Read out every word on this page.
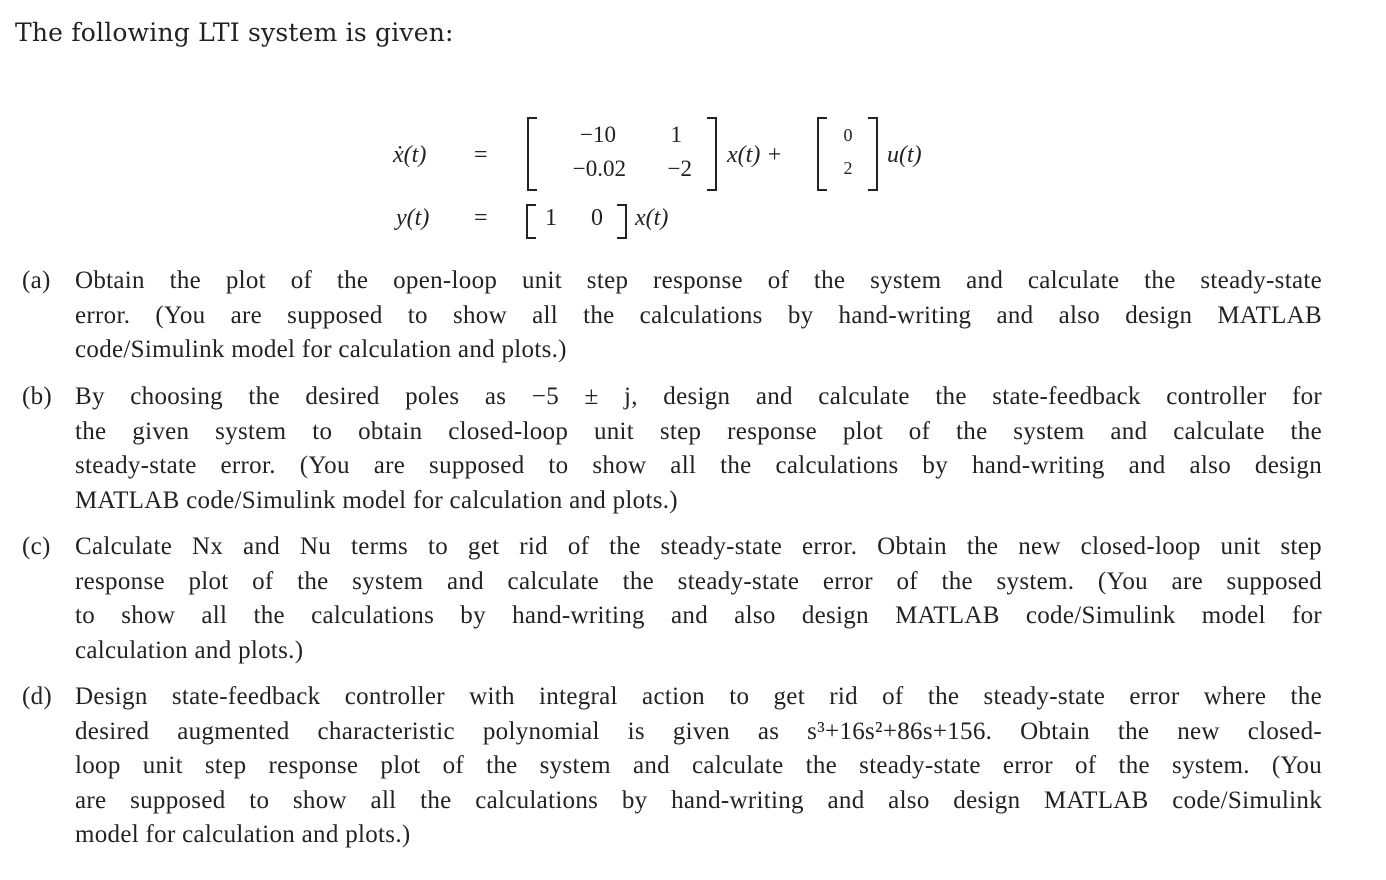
The following LTI system is given:
ẋ(t) =
−10	1
−0.02	−2
x(t) +
0
2	u(t)
y(t) = 1 0 x(t)
(a) Obtain the plot of the open-loop unit step response of the system and calculate the steady-state
error. (You are supposed to show all the calculations by hand-writing and also design MATLAB
code/Simulink model for calculation and plots.)
(b) By choosing the desired poles as −5 ± j, design and calculate the state-feedback controller for
the given system to obtain closed-loop unit step response plot of the system and calculate the
steady-state error. (You are supposed to show all the calculations by hand-writing and also design
MATLAB code/Simulink model for calculation and plots.)
(c) Calculate Nx and Nu terms to get rid of the steady-state error. Obtain the new closed-loop unit step
response plot of the system and calculate the steady-state error of the system. (You are supposed
to show all the calculations by hand-writing and also design MATLAB code/Simulink model for
calculation and plots.)
(d) Design state-feedback controller with integral action to get rid of the steady-state error where the
desired augmented characteristic polynomial is given as s³+16s²+86s+156. Obtain the new closed-
loop unit step response plot of the system and calculate the steady-state error of the system. (You
are supposed to show all the calculations by hand-writing and also design MATLAB code/Simulink
model for calculation and plots.)
